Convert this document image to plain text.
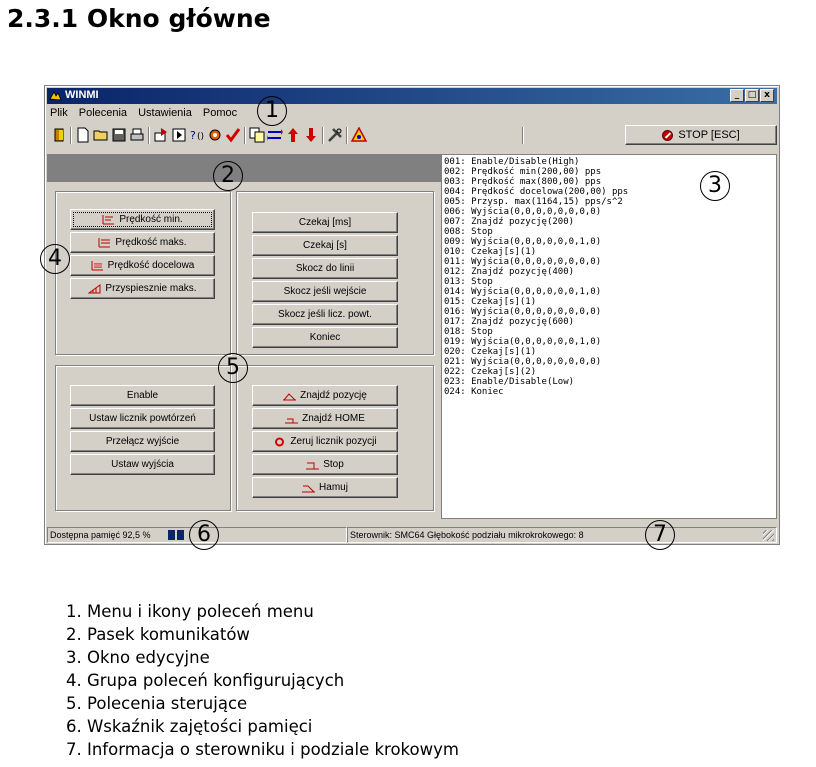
2.3.1 Okno główne
WINMI	_ □ x
Plik Polecenia Ustawienia Pomoc
? ()	STOP [ESC]
Prędkość min.
Prędkość maks.
Prędkość docelowa
Przyspiesznie maks.
Czekaj [ms]
Czekaj [s]
Skocz do linii
Skocz jeśli wejście
Skocz jeśli licz. powt.
Koniec
Enable
Ustaw licznik powtórzeń
Przełącz wyjście
Ustaw wyjścia
Znajdź pozycję
Znajdź HOME
Zeruj licznik pozycji
Stop
Hamuj
001: Enable/Disable(High)
002: Prędkość min(200,00) pps
003: Prędkość max(800,00) pps
004: Prędkość docelowa(200,00) pps
005: Przysp. max(1164,15) pps/s^2
006: Wyjścia(0,0,0,0,0,0,0,0)
007: Znajdź pozycję(200)
008: Stop
009: Wyjścia(0,0,0,0,0,0,1,0)
010: Czekaj[s](1)
011: Wyjścia(0,0,0,0,0,0,0,0)
012: Znajdź pozycję(400)
013: Stop
014: Wyjścia(0,0,0,0,0,0,1,0)
015: Czekaj[s](1)
016: Wyjścia(0,0,0,0,0,0,0,0)
017: Znajdź pozycję(600)
018: Stop
019: Wyjścia(0,0,0,0,0,0,1,0)
020: Czekaj[s](1)
021: Wyjścia(0,0,0,0,0,0,0,0)
022: Czekaj[s](2)
023: Enable/Disable(Low)
024: Koniec
Dostępna pamięć 92,5 %	Sterownik: SMC64 Głębokość podziału mikrokrokowego: 8
1
2	3
4
5
6	7
1. Menu i ikony poleceń menu
2. Pasek komunikatów
3. Okno edycyjne
4. Grupa poleceń konfigurujących
5. Polecenia sterujące
6. Wskaźnik zajętości pamięci
7. Informacja o sterowniku i podziale krokowym
